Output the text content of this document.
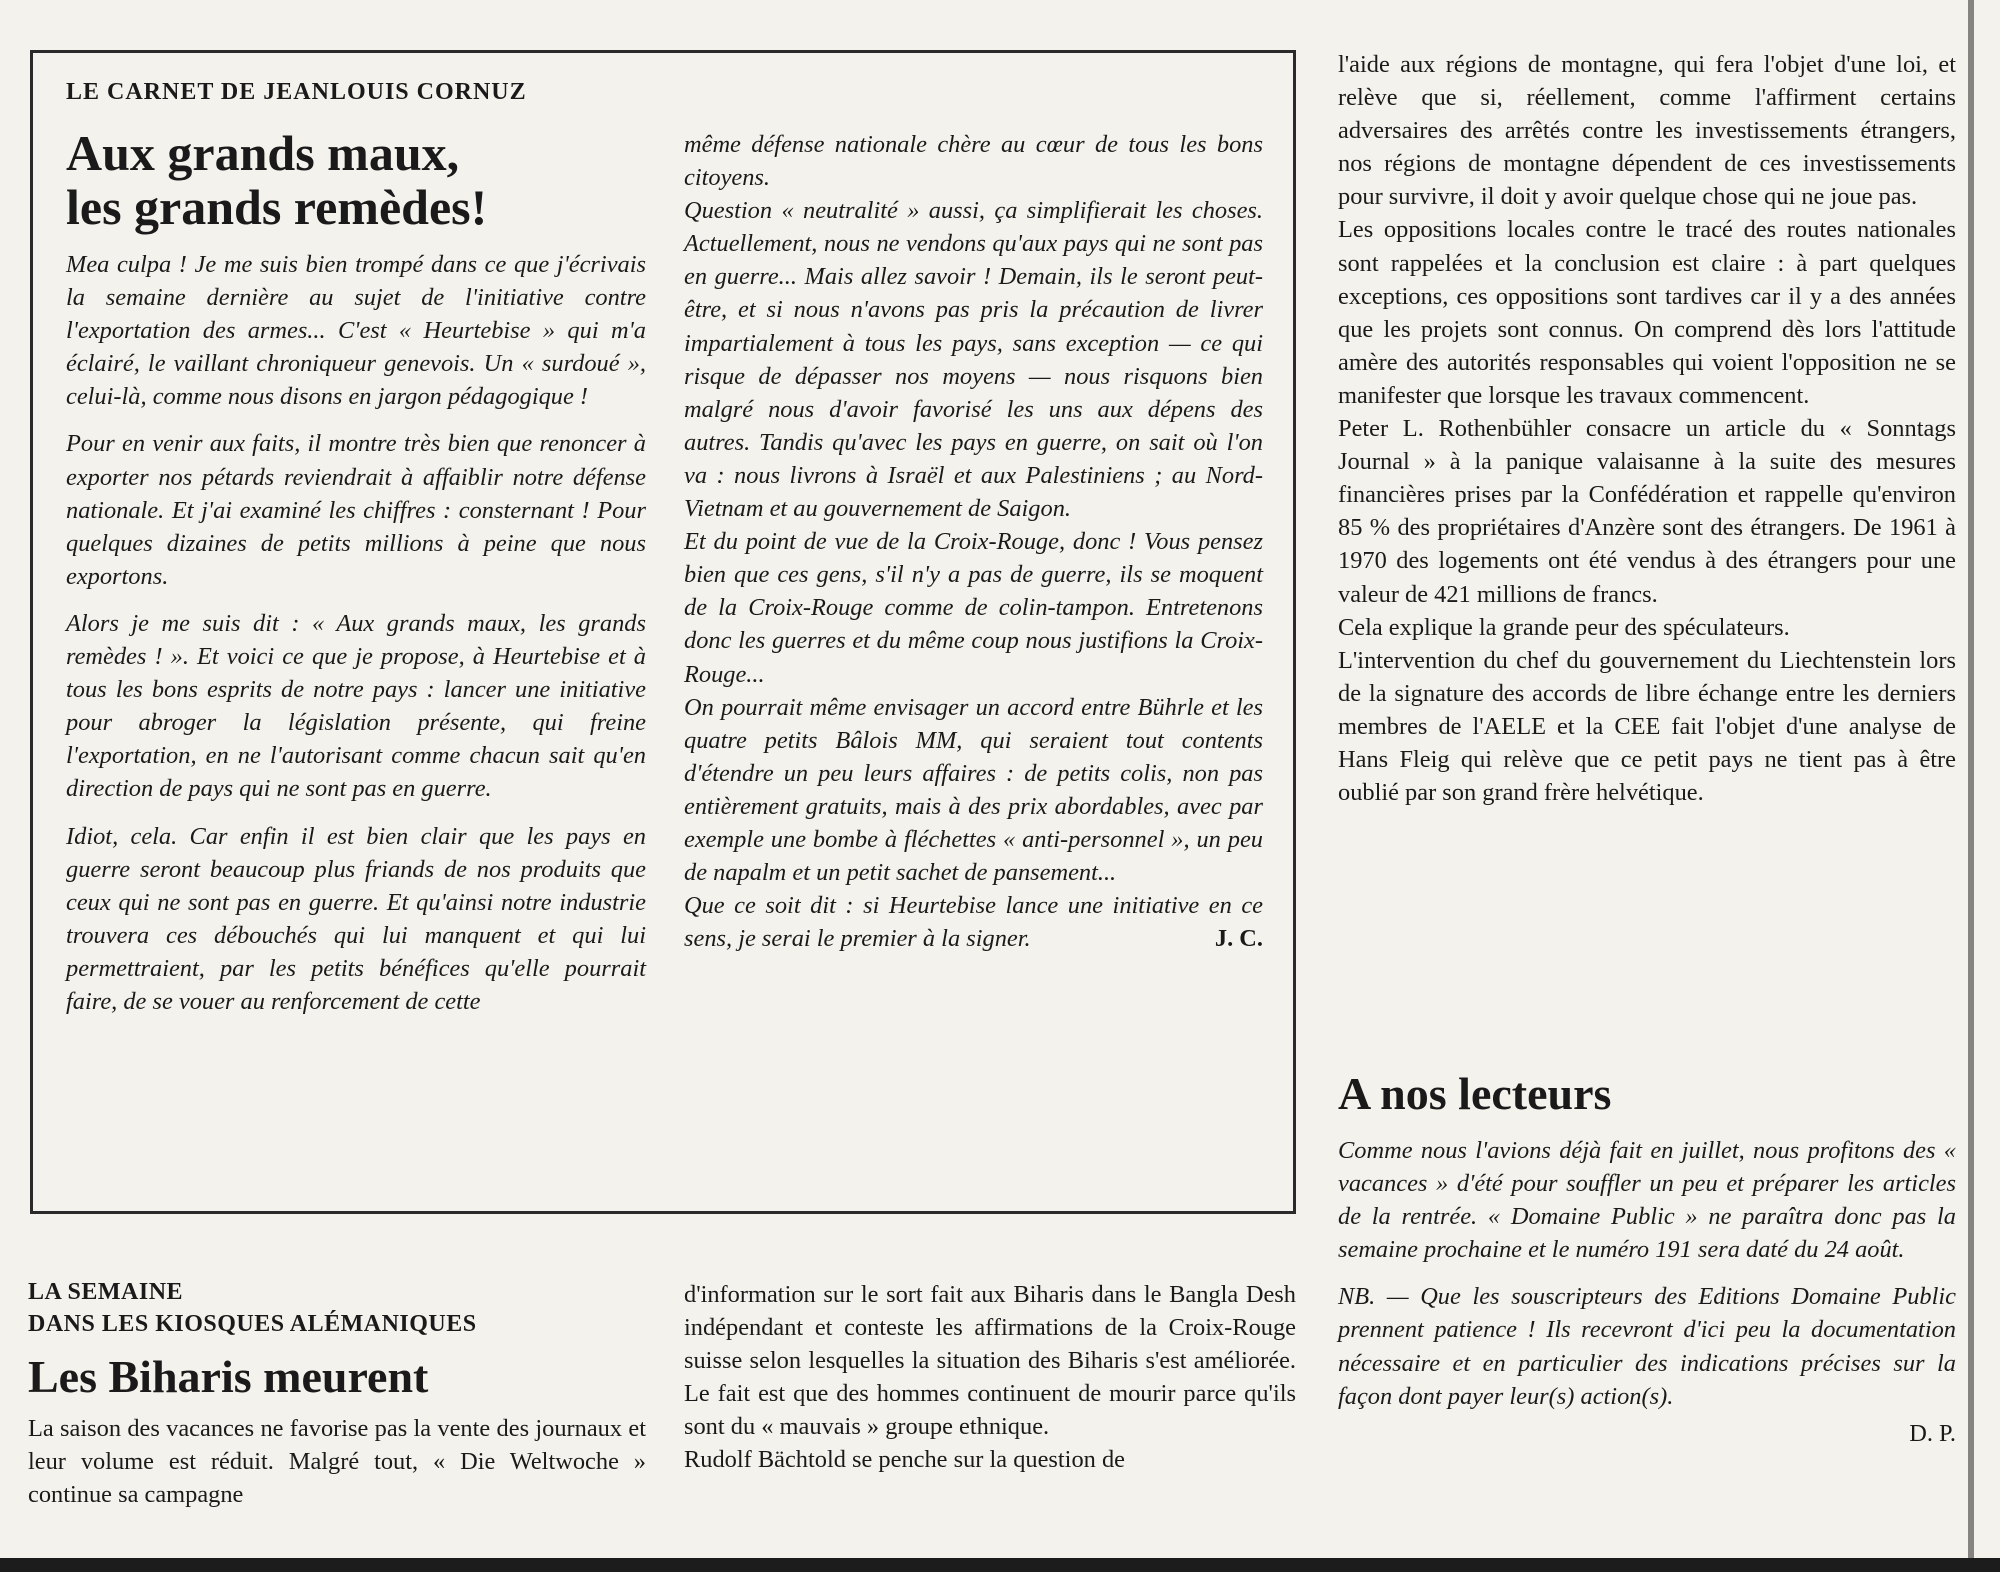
LE CARNET DE JEANLOUIS CORNUZ
Aux grands maux,
les grands remèdes!

Mea culpa ! Je me suis bien trompé dans ce que j'écrivais la semaine dernière au sujet de l'initiative contre l'exportation des armes... C'est « Heurtebise » qui m'a éclairé, le vaillant chroniqueur genevois. Un « surdoué », celui-là, comme nous disons en jargon pédagogique !

Pour en venir aux faits, il montre très bien que renoncer à exporter nos pétards reviendrait à affaiblir notre défense nationale. Et j'ai examiné les chiffres : consternant ! Pour quelques dizaines de petits millions à peine que nous exportons.

Alors je me suis dit : « Aux grands maux, les grands remèdes ! ». Et voici ce que je propose, à Heurtebise et à tous les bons esprits de notre pays : lancer une initiative pour abroger la législation présente, qui freine l'exportation, en ne l'autorisant comme chacun sait qu'en direction de pays qui ne sont pas en guerre.

Idiot, cela. Car enfin il est bien clair que les pays en guerre seront beaucoup plus friands de nos produits que ceux qui ne sont pas en guerre. Et qu'ainsi notre industrie trouvera ces débouchés qui lui manquent et qui lui permettraient, par les petits bénéfices qu'elle pourrait faire, de se vouer au renforcement de cette

même défense nationale chère au cœur de tous les bons citoyens.

Question « neutralité » aussi, ça simplifierait les choses. Actuellement, nous ne vendons qu'aux pays qui ne sont pas en guerre... Mais allez savoir ! Demain, ils le seront peut-être, et si nous n'avons pas pris la précaution de livrer impartialement à tous les pays, sans exception — ce qui risque de dépasser nos moyens — nous risquons bien malgré nous d'avoir favorisé les uns aux dépens des autres. Tandis qu'avec les pays en guerre, on sait où l'on va : nous livrons à Israël et aux Palestiniens ; au Nord-Vietnam et au gouvernement de Saigon.

Et du point de vue de la Croix-Rouge, donc ! Vous pensez bien que ces gens, s'il n'y a pas de guerre, ils se moquent de la Croix-Rouge comme de colin-tampon. Entretenons donc les guerres et du même coup nous justifions la Croix-Rouge...

On pourrait même envisager un accord entre Bührle et les quatre petits Bâlois MM, qui seraient tout contents d'étendre un peu leurs affaires : de petits colis, non pas entièrement gratuits, mais à des prix abordables, avec par exemple une bombe à fléchettes « anti-personnel », un peu de napalm et un petit sachet de pansement...

Que ce soit dit : si Heurtebise lance une initiative en ce sens, je serai le premier à la signer.	J. C.

LA SEMAINE
DANS LES KIOSQUES ALÉMANIQUES
Les Biharis meurent

La saison des vacances ne favorise pas la vente des journaux et leur volume est réduit. Malgré tout, « Die Weltwoche » continue sa campagne

d'information sur le sort fait aux Biharis dans le Bangla Desh indépendant et conteste les affirmations de la Croix-Rouge suisse selon lesquelles la situation des Biharis s'est améliorée. Le fait est que des hommes continuent de mourir parce qu'ils sont du « mauvais » groupe ethnique.

Rudolf Bächtold se penche sur la question de

l'aide aux régions de montagne, qui fera l'objet d'une loi, et relève que si, réellement, comme l'affirment certains adversaires des arrêtés contre les investissements étrangers, nos régions de montagne dépendent de ces investissements pour survivre, il doit y avoir quelque chose qui ne joue pas.

Les oppositions locales contre le tracé des routes nationales sont rappelées et la conclusion est claire : à part quelques exceptions, ces oppositions sont tardives car il y a des années que les projets sont connus. On comprend dès lors l'attitude amère des autorités responsables qui voient l'opposition ne se manifester que lorsque les travaux commencent.

Peter L. Rothenbühler consacre un article du « Sonntags Journal » à la panique valaisanne à la suite des mesures financières prises par la Confédération et rappelle qu'environ 85 % des propriétaires d'Anzère sont des étrangers. De 1961 à 1970 des logements ont été vendus à des étrangers pour une valeur de 421 millions de francs.

Cela explique la grande peur des spéculateurs.

L'intervention du chef du gouvernement du Liechtenstein lors de la signature des accords de libre échange entre les derniers membres de l'AELE et la CEE fait l'objet d'une analyse de Hans Fleig qui relève que ce petit pays ne tient pas à être oublié par son grand frère helvétique.

A nos lecteurs

Comme nous l'avions déjà fait en juillet, nous profitons des « vacances » d'été pour souffler un peu et préparer les articles de la rentrée. « Domaine Public » ne paraîtra donc pas la semaine prochaine et le numéro 191 sera daté du 24 août.

NB. — Que les souscripteurs des Editions Domaine Public prennent patience ! Ils recevront d'ici peu la documentation nécessaire et en particulier des indications précises sur la façon dont payer leur(s) action(s).

D. P.
